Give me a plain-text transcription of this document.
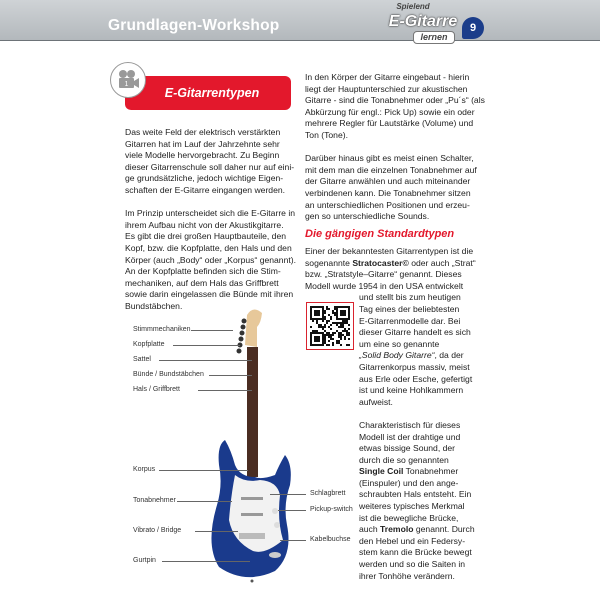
Grundlagen-Workshop
Spielend
E-Gitarre
lernen
9
E-Gitarrentypen
1
Das weite Feld der elektrisch verstärkten
Gitarren hat im Lauf der Jahrzehnte sehr
viele Modelle hervorgebracht. Zu Beginn
dieser Gitarrenschule soll daher nur auf eini-
ge grundsätzliche, jedoch wichtige Eigen-
schaften der E-Gitarre eingangen werden.
Im Prinzip unterscheidet sich die E-Gitarre in
ihrem Aufbau nicht von der Akustikgitarre.
Es gibt die drei großen Hauptbauteile, den
Kopf, bzw. die Kopfplatte, den Hals und den
Körper (auch „Body“ oder „Korpus“ genannt).
An der Kopfplatte befinden sich die Stim-
mechaniken, auf dem Hals das Griffbrett
sowie darin eingelassen die Bünde mit ihren
Bundstäbchen.
In den Körper der Gitarre eingebaut - hierin
liegt der Hauptunterschied zur akustischen
Gitarre - sind die Tonabnehmer oder „Pu´s“ (als
Abkürzung für engl.: Pick Up) sowie ein oder
mehrere Regler für Lautstärke (Volume) und
Ton (Tone).
Darüber hinaus gibt es meist einen Schalter,
mit dem man die einzelnen Tonabnehmer auf
der Gitarre anwählen und auch miteinander
verbindenen kann. Die Tonabnehmer sitzen
an unterschiedlichen Positionen und erzeu-
gen so unterschiedliche Sounds.
Die gängigen Standardtypen
Einer der bekanntesten Gitarrentypen ist die
sogenannte Stratocaster© oder auch „Strat“
bzw. „Stratstyle–Gitarre“ genannt. Dieses
Modell wurde 1954 in den USA entwickelt
und stellt bis zum heutigen
Tag eines der beliebtesten
E-Gitarrenmodelle dar. Bei
dieser Gitarre handelt es sich
um eine so genannte
„Solid Body Gitarre“, da der
Gitarrenkorpus massiv, meist
aus Erle oder Esche, gefertigt
ist und keine Hohlkammern
aufweist.
Charakteristisch für dieses
Modell ist der drahtige und
etwas bissige Sound, der
durch die so genannten
Single Coil Tonabnehmer
(Einspuler) und den ange-
schraubten Hals entsteht. Ein
weiteres typisches Merkmal
ist die bewegliche Brücke,
auch Tremolo genannt. Durch
den Hebel und ein Federsy-
stem kann die Brücke bewegt
werden und so die Saiten in
ihrer Tonhöhe verändern.
Stimmmechaniken
Kopfplatte
Sattel
Bünde / Bundstäbchen
Hals / Griffbrett
Korpus
Tonabnehmer
Vibrato / Bridge
Gurtpin
Schlagbrett
Pickup-switch
Kabelbuchse
